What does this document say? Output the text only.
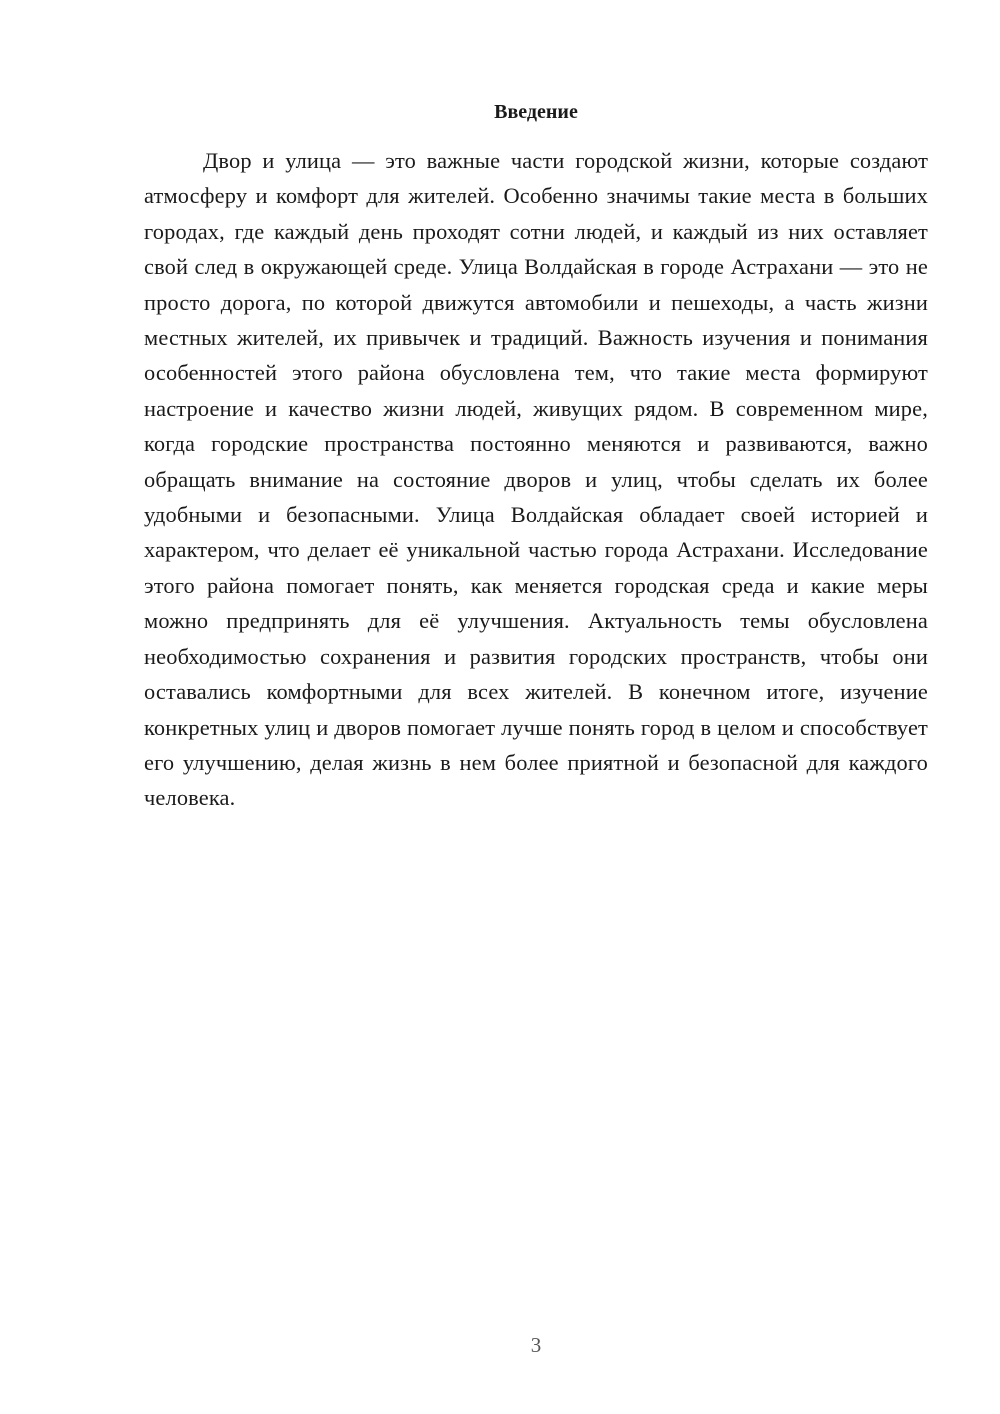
Введение

Двор и улица — это важные части городской жизни, которые создают атмосферу и комфорт для жителей. Особенно значимы такие места в больших городах, где каждый день проходят сотни людей, и каждый из них оставляет свой след в окружающей среде. Улица Волдайская в городе Астрахани — это не просто дорога, по которой движутся автомобили и пешеходы, а часть жизни местных жителей, их привычек и традиций. Важность изучения и понимания особенностей этого района обусловлена тем, что такие места формируют настроение и качество жизни людей, живущих рядом. В современном мире, когда городские пространства постоянно меняются и развиваются, важно обращать внимание на состояние дворов и улиц, чтобы сделать их более удобными и безопасными. Улица Волдайская обладает своей историей и характером, что делает её уникальной частью города Астрахани. Исследование этого района помогает понять, как меняется городская среда и какие меры можно предпринять для её улучшения. Актуальность темы обусловлена необходимостью сохранения и развития городских пространств, чтобы они оставались комфортными для всех жителей. В конечном итоге, изучение конкретных улиц и дворов помогает лучше понять город в целом и способствует его улучшению, делая жизнь в нем более приятной и безопасной для каждого человека.

3
